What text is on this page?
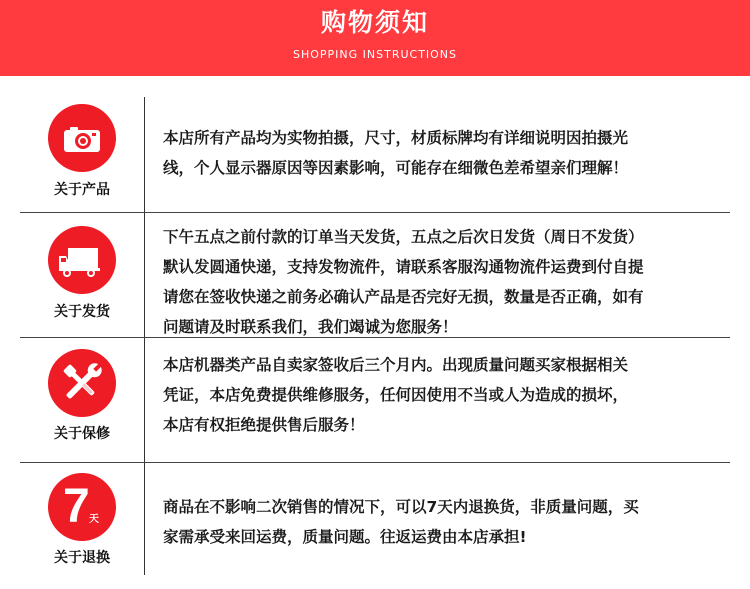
购物须知
SHOPPING INSTRUCTIONS
关于产品
本店所有产品均为实物拍摄，尺寸，材质标牌均有详细说明因拍摄光
线，个人显示器原因等因素影响，可能存在细微色差希望亲们理解！
关于发货
下午五点之前付款的订单当天发货，五点之后次日发货（周日不发货）
默认发圆通快递，支持发物流件，请联系客服沟通物流件运费到付自提
请您在签收快递之前务必确认产品是否完好无损，数量是否正确，如有
问题请及时联系我们，我们竭诚为您服务！
关于保修
本店机器类产品自卖家签收后三个月内。出现质量问题买家根据相关
凭证，本店免费提供维修服务，任何因使用不当或人为造成的损坏，
本店有权拒绝提供售后服务！
7 天
关于退换
商品在不影响二次销售的情况下，可以7天内退换货，非质量问题，买
家需承受来回运费，质量问题。往返运费由本店承担!
